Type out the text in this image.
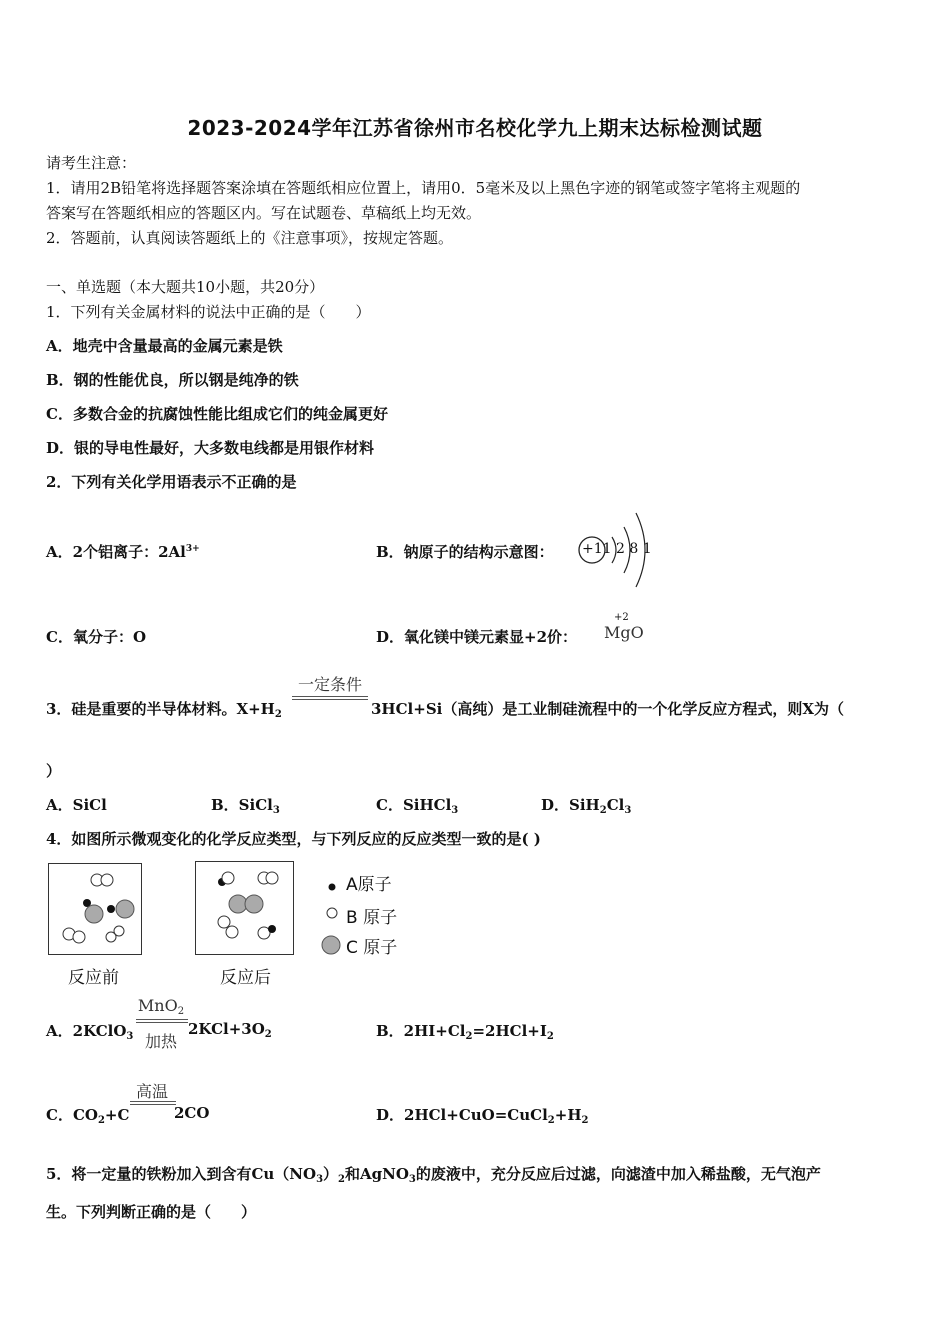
2023-2024学年江苏省徐州市名校化学九上期末达标检测试题
请考生注意：
1．请用2B铅笔将选择题答案涂填在答题纸相应位置上，请用0．5毫米及以上黑色字迹的钢笔或签字笔将主观题的
答案写在答题纸相应的答题区内。写在试题卷、草稿纸上均无效。
2．答题前，认真阅读答题纸上的《注意事项》，按规定答题。
一、单选题（本大题共10小题，共20分）
1．下列有关金属材料的说法中正确的是（　　）
A．地壳中含量最高的金属元素是铁
B．钢的性能优良，所以钢是纯净的铁
C．多数合金的抗腐蚀性能比组成它们的纯金属更好
D．银的导电性最好，大多数电线都是用银作材料
2．下列有关化学用语表示不正确的是
A．2个铝离子：$2Al^{3+}$	B．钠原子的结构示意图： +11 2 8 1
C．氧分子：O	D．氧化镁中镁元素显+2价：
+2
MgO
3．硅是重要的半导体材料。$X+H_2$
一定条件
3HCl+Si（高纯）是工业制硅流程中的一个化学反应方程式，则X为（
）
A．SiCl	B．SiCl$_3$	C．SiHCl$_3$	D．$SiH_2Cl_3$
4．如图所示微观变化的化学反应类型，与下列反应的反应类型一致的是( )
反应前	反应后
A原子
B 原子
C 原子
A．2KClO$_3$
MnO$_2$
加热
$2KCl+3O_2$	B．$2HI+Cl_2=2HCl+I_2$
C．$CO_2+C$
高温
2CO	D．$2HCl+CuO=CuCl_2+H_2$
5．将一定量的铁粉加入到含有$Cu(NO_3)_2$和AgNO$_3$的废液中，充分反应后过滤，向滤渣中加入稀盐酸，无气泡产
生。下列判断正确的是（　　）
